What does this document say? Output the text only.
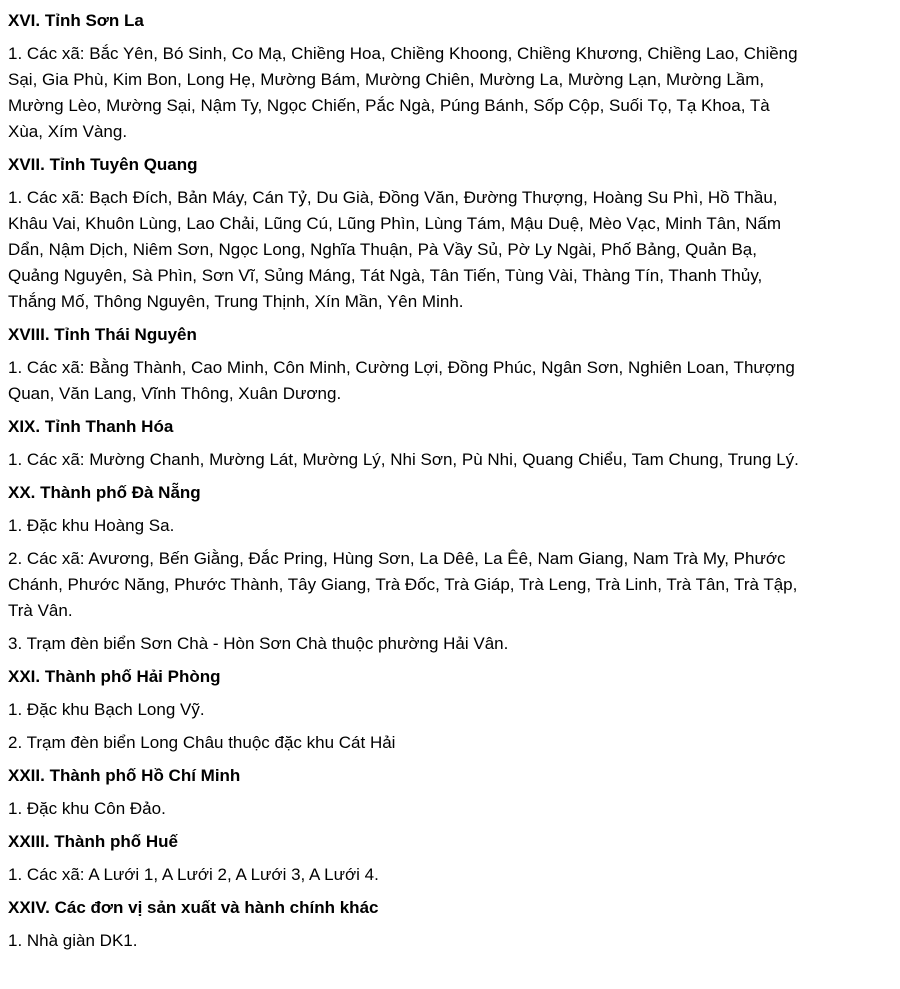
XVI. Tỉnh Sơn La

1. Các xã: Bắc Yên, Bó Sinh, Co Mạ, Chiềng Hoa, Chiềng Khoong, Chiềng Khương, Chiềng Lao, Chiềng Sại, Gia Phù, Kim Bon, Long Hẹ, Mường Bám, Mường Chiên, Mường La, Mường Lạn, Mường Lầm, Mường Lèo, Mường Sại, Nậm Ty, Ngọc Chiến, Pắc Ngà, Púng Bánh, Sốp Cộp, Suối Tọ, Tạ Khoa, Tà Xùa, Xím Vàng.

XVII. Tỉnh Tuyên Quang

1. Các xã: Bạch Đích, Bản Máy, Cán Tỷ, Du Già, Đồng Văn, Đường Thượng, Hoàng Su Phì, Hồ Thầu, Khâu Vai, Khuôn Lùng, Lao Chải, Lũng Cú, Lũng Phìn, Lùng Tám, Mậu Duệ, Mèo Vạc, Minh Tân, Nấm Dẩn, Nậm Dịch, Niêm Sơn, Ngọc Long, Nghĩa Thuận, Pà Vầy Sủ, Pờ Ly Ngài, Phố Bảng, Quản Bạ, Quảng Nguyên, Sà Phìn, Sơn Vĩ, Sủng Máng, Tát Ngà, Tân Tiến, Tùng Vài, Thàng Tín, Thanh Thủy, Thắng Mố, Thông Nguyên, Trung Thịnh, Xín Mần, Yên Minh.

XVIII. Tỉnh Thái Nguyên

1. Các xã: Bằng Thành, Cao Minh, Côn Minh, Cường Lợi, Đồng Phúc, Ngân Sơn, Nghiên Loan, Thượng Quan, Văn Lang, Vĩnh Thông, Xuân Dương.

XIX. Tỉnh Thanh Hóa

1. Các xã: Mường Chanh, Mường Lát, Mường Lý, Nhi Sơn, Pù Nhi, Quang Chiểu, Tam Chung, Trung Lý.

XX. Thành phố Đà Nẵng

1. Đặc khu Hoàng Sa.

2. Các xã: Avương, Bến Giằng, Đắc Pring, Hùng Sơn, La Dêê, La Êê, Nam Giang, Nam Trà My, Phước Chánh, Phước Năng, Phước Thành, Tây Giang, Trà Đốc, Trà Giáp, Trà Leng, Trà Linh, Trà Tân, Trà Tập, Trà Vân.

3. Trạm đèn biển Sơn Chà - Hòn Sơn Chà thuộc phường Hải Vân.

XXI. Thành phố Hải Phòng

1. Đặc khu Bạch Long Vỹ.

2. Trạm đèn biển Long Châu thuộc đặc khu Cát Hải

XXII. Thành phố Hồ Chí Minh

1. Đặc khu Côn Đảo.

XXIII. Thành phố Huế

1. Các xã: A Lưới 1, A Lưới 2, A Lưới 3, A Lưới 4.

XXIV. Các đơn vị sản xuất và hành chính khác

1. Nhà giàn DK1.
